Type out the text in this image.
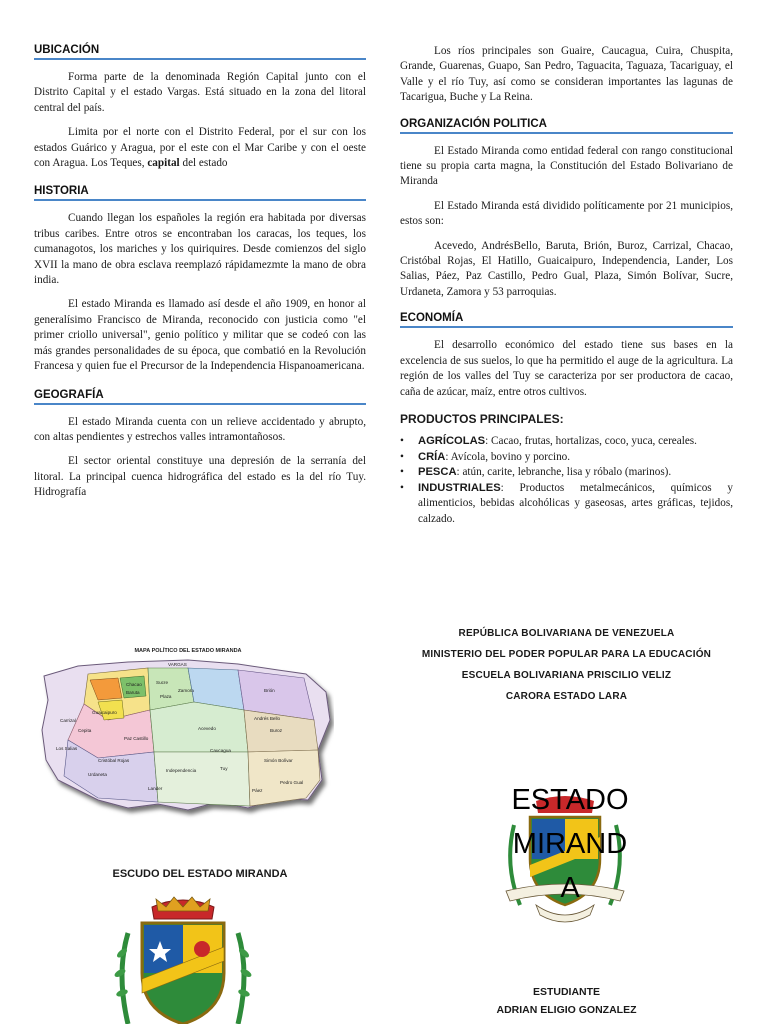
UBICACIÓN

Forma parte de la denominada Región Capital junto con el Distrito Capital y el estado Vargas. Está situado en la zona del litoral central del país.

Limita por el norte con el Distrito Federal, por el sur con los estados Guárico y Aragua, por el este con el Mar Caribe y con el oeste con Aragua. Los Teques, capital del estado

HISTORIA

Cuando llegan los españoles la región era habitada por diversas tribus caribes. Entre otros se encontraban los caracas, los teques, los cumanagotos, los mariches y los quiriquires. Desde comienzos del siglo XVII la mano de obra esclava reemplazó rápidamezmte la mano de obra india.

El estado Miranda es llamado así desde el año 1909, en honor al generalísimo Francisco de Miranda, reconocido con justicia como "el primer criollo universal", genio político y militar que se codeó con las más grandes personalidades de su época, que combatió en la Revolución Francesa y quien fue el Precursor de la Independencia Hispanoamericana.

GEOGRAFÍA

El estado Miranda cuenta con un relieve accidentado y abrupto, con altas pendientes y estrechos valles intramontañosos.

El sector oriental constituye una depresión de la serranía del litoral. La principal cuenca hidrográfica del estado es la del río Tuy. Hidrografía

MAPA POLÍTICO DEL ESTADO MIRANDA
VARGAS
Sucre
Chacao
Baruta
Guaicaipuro
Plaza
Zamora	Brión
Acevedo	Buroz
Independencia
Urdaneta
Paz Castillo
Cristóbal Rojas	Simón Bolívar
Pedro Gual
Páez
Lander
Cepita
Los Salias
Carrizal
Caucagua
Andrés Bello
Tuy
ESCUDO DEL ESTADO MIRANDA

Los ríos principales son Guaire, Caucagua, Cuira, Chuspita, Grande, Guarenas, Guapo, San Pedro, Taguacita, Taguaza, Tacariguay, el Valle y el río Tuy, así como se consideran importantes las lagunas de Tacarigua, Buche y La Reina.

ORGANIZACIÓN POLITICA

El Estado Miranda como entidad federal con rango constitucional tiene su propia carta magna, la Constitución del Estado Bolivariano de Miranda

El Estado Miranda está dividido políticamente por 21 municipios, estos son:

Acevedo, AndrésBello, Baruta, Brión, Buroz, Carrizal, Chacao, Cristóbal Rojas, El Hatillo, Guaicaipuro, Independencia, Lander, Los Salias, Páez, Paz Castillo, Pedro Gual, Plaza, Simón Bolívar, Sucre, Urdaneta, Zamora y 53 parroquias.

ECONOMÍA

El desarrollo económico del estado tiene sus bases en la excelencia de sus suelos, lo que ha permitido el auge de la agricultura. La región de los valles del Tuy se caracteriza por ser productora de cacao, caña de azúcar, maíz, entre otros cultivos.

PRODUCTOS PRINCIPALES:
• AGRÍCOLAS: Cacao, frutas, hortalizas, coco, yuca, cereales.
• CRÍA: Avícola, bovino y porcino.
• PESCA: atún, carite, lebranche, lisa y róbalo (marinos).
• INDUSTRIALES: Productos metalmecánicos, químicos y alimenticios, bebidas alcohólicas y gaseosas, artes gráficas, tejidos, calzado.
REPÚBLICA BOLIVARIANA DE VENEZUELA
MINISTERIO DEL PODER POPULAR PARA LA EDUCACIÓN
ESCUELA BOLIVARIANA PRISCILIO VELIZ
CARORA ESTADO LARA
ESTADO
MIRAND
A
ESTUDIANTE
ADRIAN ELIGIO GONZALEZ
